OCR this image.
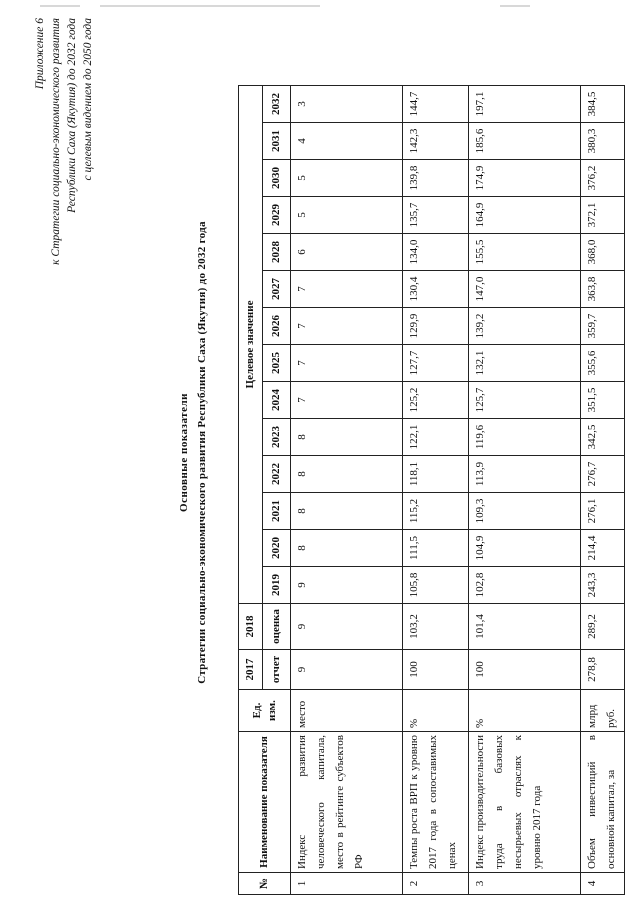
Приложение 6 к Стратегии социально-экономического развития Республики Саха (Якутия) до 2032 года с целевым видением до 2050 года
Основные показатели Стратегии социально-экономического развития Республики Саха (Якутия) до 2032 года
№	Наименование показателя	Ед. изм.	2017	2018	Целевое значение													
			отчет	оценка	2019	2020	2021	2022	2023	2024	2025	2026	2027	2028	2029	2030	2031	2032
1	Индекс развития человеческого капитала, место в рейтинге субъектов РФ	место	9	9	9	8	8	8	8	7	7	7	7	6	5	5	4	3
2	Темпы роста ВРП к уровню 2017 года в сопоставимых ценах	%	100	103,2	105,8	111,5	115,2	118,1	122,1	125,2	127,7	129,9	130,4	134,0	135,7	139,8	142,3	144,7
3	Индекс производительности труда в базовых несырьевых отраслях к уровню 2017 года	%	100	101,4	102,8	104,9	109,3	113,9	119,6	125,7	132,1	139,2	147,0	155,5	164,9	174,9	185,6	197,1
4	Объем инвестиций в основной капитал, за	млрд руб.	278,8	289,2	243,3	214,4	276,1	276,7	342,5	351,5	355,6	359,7	363,8	368,0	372,1	376,2	380,3	384,5
